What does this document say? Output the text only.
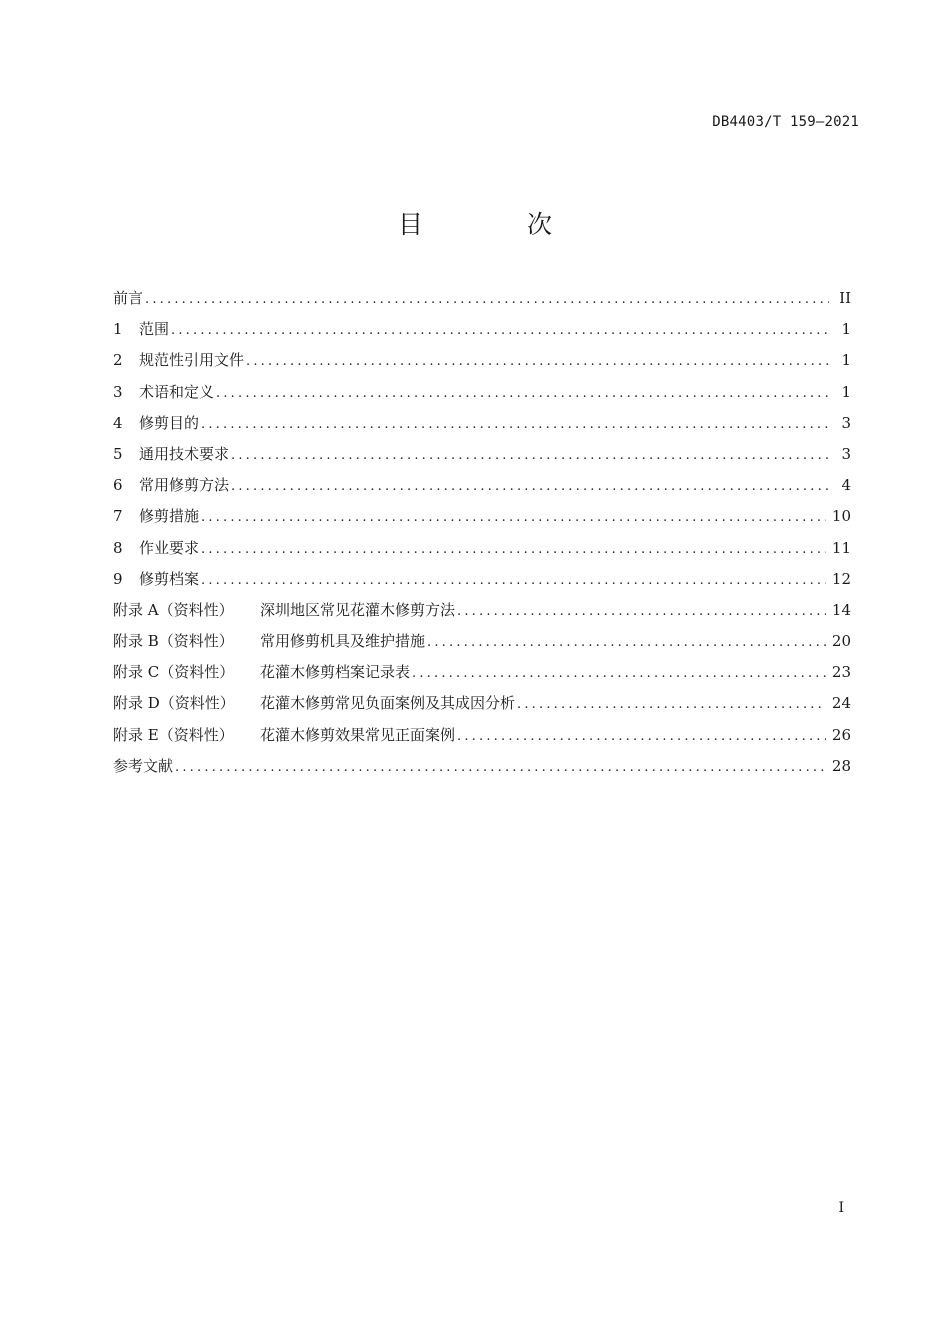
DB4403/T 159—2021
目 次
前言 .....	II
1	范围 .....	1
2	规范性引用文件 .....	1
3	术语和定义 .....	1
4	修剪目的 .....	3
5	通用技术要求 .....	3
6	常用修剪方法 .....	4
7	修剪措施 .....	10
8	作业要求 .....	11
9	修剪档案 .....	12
附录 A（资料性）	深圳地区常见花灌木修剪方法 .....	14
附录 B（资料性）	常用修剪机具及维护措施 .....	20
附录 C（资料性）	花灌木修剪档案记录表 .....	23
附录 D（资料性）	花灌木修剪常见负面案例及其成因分析 .....	24
附录 E（资料性）	花灌木修剪效果常见正面案例 .....	26
参考文献 .....	28
I
